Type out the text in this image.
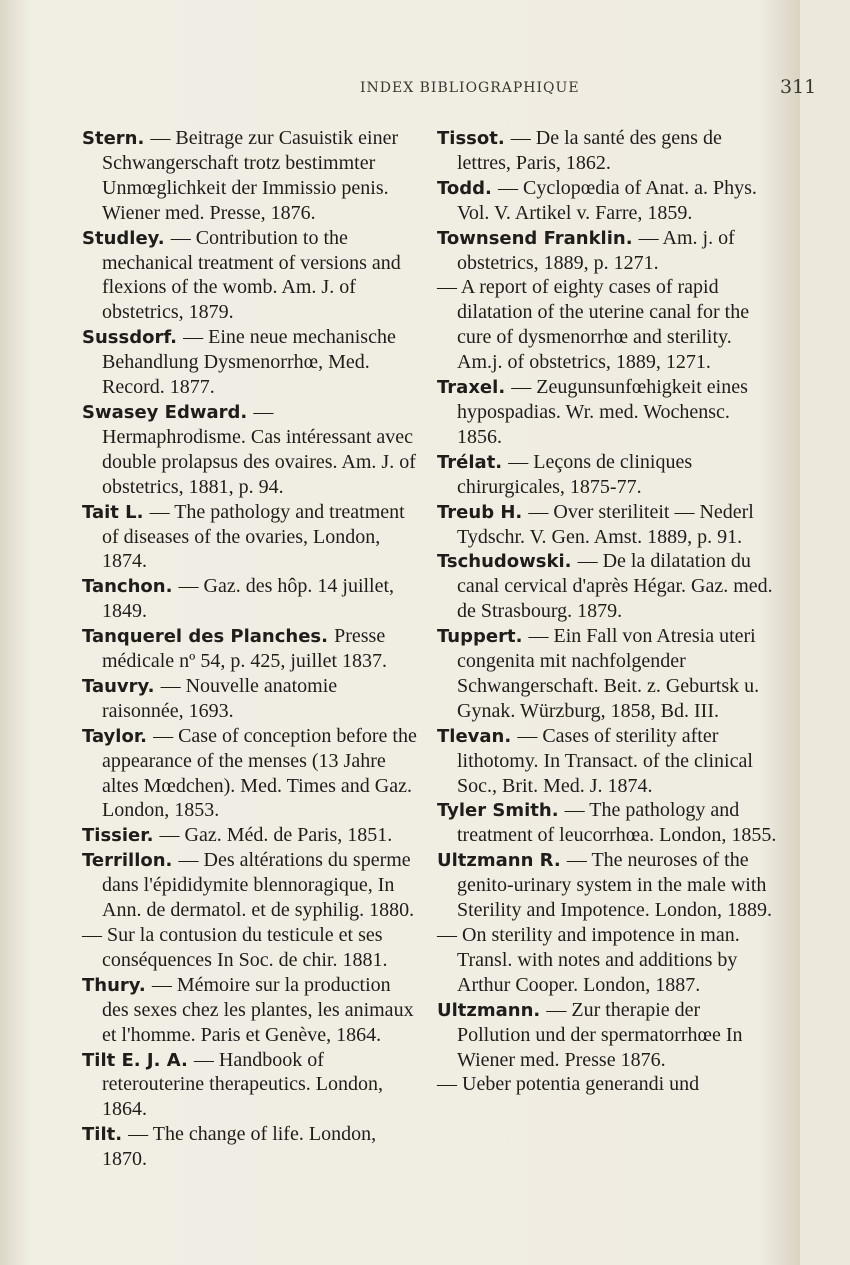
INDEX BIBLIOGRAPHIQUE	311

Stern. — Beitrage zur Casuistik einer Schwangerschaft trotz bestimmter Unmœglichkeit der Immissio penis. Wiener med. Presse, 1876.

Studley. — Contribution to the mechanical treatment of versions and flexions of the womb. Am. J. of obstetrics, 1879.

Sussdorf. — Eine neue mechanische Behandlung Dysmenorrhœ, Med. Record. 1877.

Swasey Edward. — Hermaphrodisme. Cas intéressant avec double prolapsus des ovaires. Am. J. of obstetrics, 1881, p. 94.

Tait L. — The pathology and treatment of diseases of the ovaries, London, 1874.

Tanchon. — Gaz. des hôp. 14 juillet, 1849.

Tanquerel des Planches. Presse médicale nº 54, p. 425, juillet 1837.

Tauvry. — Nouvelle anatomie raisonnée, 1693.

Taylor. — Case of conception before the appearance of the menses (13 Jahre altes Mœdchen). Med. Times and Gaz. London, 1853.

Tissier. — Gaz. Méd. de Paris, 1851.

Terrillon. — Des altérations du sperme dans l'épididymite blennoragique, In Ann. de dermatol. et de syphilig. 1880.

— Sur la contusion du testicule et ses conséquences In Soc. de chir. 1881.

Thury. — Mémoire sur la production des sexes chez les plantes, les animaux et l'homme. Paris et Genève, 1864.

Tilt E. J. A. — Handbook of reterouterine therapeutics. London, 1864.

Tilt. — The change of life. London, 1870.

Tissot. — De la santé des gens de lettres, Paris, 1862.

Todd. — Cyclopœdia of Anat. a. Phys. Vol. V. Artikel v. Farre, 1859.

Townsend Franklin. — Am. j. of obstetrics, 1889, p. 1271.

— A report of eighty cases of rapid dilatation of the uterine canal for the cure of dysmenorrhœ and sterility. Am.j. of obstetrics, 1889, 1271.

Traxel. — Zeugunsunfœhigkeit eines hypospadias. Wr. med. Wochensc. 1856.

Trélat. — Leçons de cliniques chirurgicales, 1875-77.

Treub H. — Over steriliteit — Nederl Tydschr. V. Gen. Amst. 1889, p. 91.

Tschudowski. — De la dilatation du canal cervical d'après Hégar. Gaz. med. de Strasbourg. 1879.

Tuppert. — Ein Fall von Atresia uteri congenita mit nachfolgender Schwangerschaft. Beit. z. Geburtsk u. Gynak. Würzburg, 1858, Bd. III.

Tlevan. — Cases of sterility after lithotomy. In Transact. of the clinical Soc., Brit. Med. J. 1874.

Tyler Smith. — The pathology and treatment of leucorrhœa. London, 1855.

Ultzmann R. — The neuroses of the genito-urinary system in the male with Sterility and Impotence. London, 1889.

— On sterility and impotence in man. Transl. with notes and additions by Arthur Cooper. London, 1887.

Ultzmann. — Zur therapie der Pollution und der spermatorrhœe In Wiener med. Presse 1876.

— Ueber potentia generandi und
